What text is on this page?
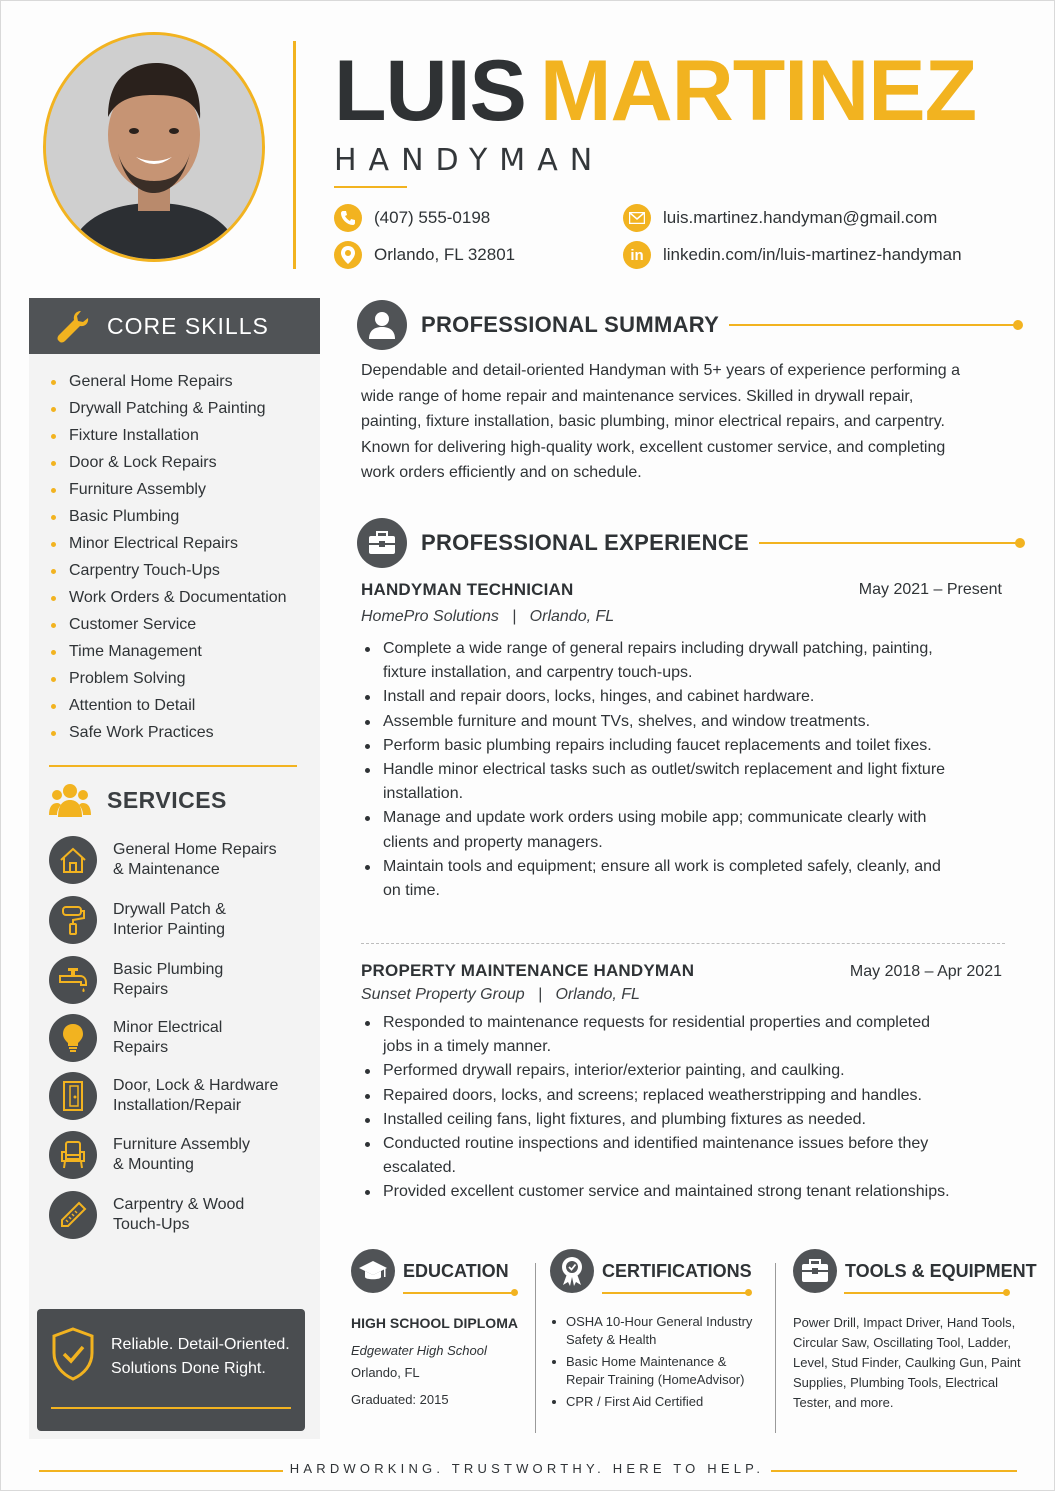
LUIS MARTINEZ
HANDYMAN
(407) 555-0198
Orlando, FL 32801
luis.martinez.handyman@gmail.com
in linkedin.com/in/luis-martinez-handyman
CORE SKILLS
General Home Repairs
Drywall Patching & Painting
Fixture Installation
Door & Lock Repairs
Furniture Assembly
Basic Plumbing
Minor Electrical Repairs
Carpentry Touch-Ups
Work Orders & Documentation
Customer Service
Time Management
Problem Solving
Attention to Detail
Safe Work Practices
SERVICES
General Home Repairs
& Maintenance
Drywall Patch &
Interior Painting
Basic Plumbing
Repairs
Minor Electrical
Repairs
Door, Lock & Hardware
Installation/Repair
Furniture Assembly
& Mounting
Carpentry & Wood
Touch-Ups
Reliable. Detail-Oriented.
Solutions Done Right.
PROFESSIONAL SUMMARY

Dependable and detail-oriented Handyman with 5+ years of experience performing a wide range of home repair and maintenance services. Skilled in drywall repair, painting, fixture installation, basic plumbing, minor electrical repairs, and carpentry. Known for delivering high-quality work, excellent customer service, and completing work orders efficiently and on schedule.

PROFESSIONAL EXPERIENCE
HANDYMAN TECHNICIAN	May 2021 – Present
HomePro Solutions   |   Orlando, FL
Complete a wide range of general repairs including drywall patching, painting, fixture installation, and carpentry touch-ups.
Install and repair doors, locks, hinges, and cabinet hardware.
Assemble furniture and mount TVs, shelves, and window treatments.
Perform basic plumbing repairs including faucet replacements and toilet fixes.
Handle minor electrical tasks such as outlet/switch replacement and light fixture installation.
Manage and update work orders using mobile app; communicate clearly with clients and property managers.
Maintain tools and equipment; ensure all work is completed safely, cleanly, and on time.
PROPERTY MAINTENANCE HANDYMAN	May 2018 – Apr 2021
Sunset Property Group   |   Orlando, FL
Responded to maintenance requests for residential properties and completed jobs in a timely manner.
Performed drywall repairs, interior/exterior painting, and caulking.
Repaired doors, locks, and screens; replaced weatherstripping and handles.
Installed ceiling fans, light fixtures, and plumbing fixtures as needed.
Conducted routine inspections and identified maintenance issues before they escalated.
Provided excellent customer service and maintained strong tenant relationships.
EDUCATION
HIGH SCHOOL DIPLOMA
Edgewater High School
Orlando, FL
Graduated: 2015
CERTIFICATIONS
OSHA 10-Hour General Industry Safety & Health
Basic Home Maintenance & Repair Training (HomeAdvisor)
CPR / First Aid Certified
TOOLS & EQUIPMENT

Power Drill, Impact Driver, Hand Tools, Circular Saw, Oscillating Tool, Ladder, Level, Stud Finder, Caulking Gun, Paint Supplies, Plumbing Tools, Electrical Tester, and more.

HARDWORKING. TRUSTWORTHY. HERE TO HELP.
